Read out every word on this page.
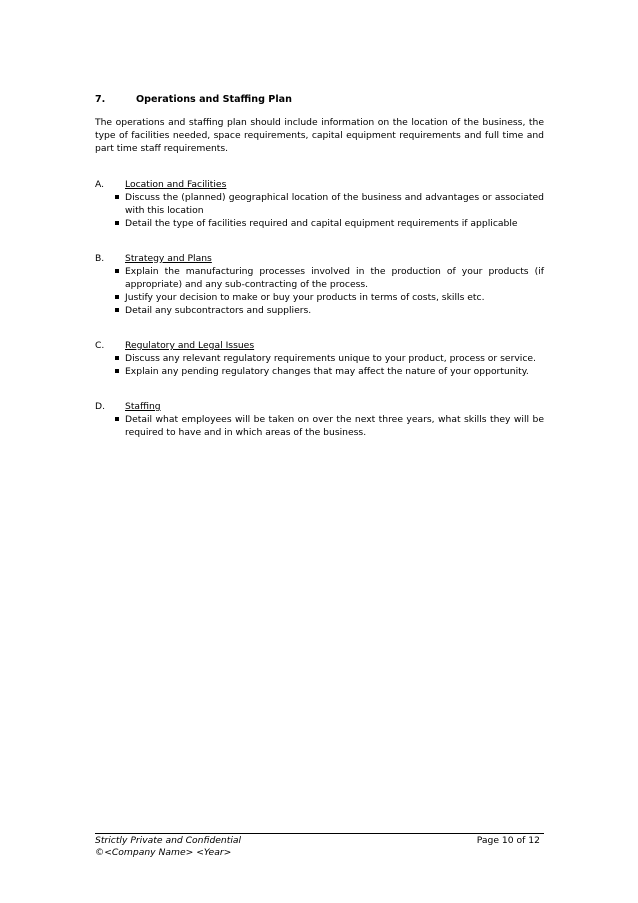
7.	Operations and Staffing Plan

The operations and staffing plan should include information on the location of the business, the type of facilities needed, space requirements, capital equipment requirements and full time and part time staff requirements.

A.	Location and Facilities
Discuss the (planned) geographical location of the business and advantages or associated with this location
Detail the type of facilities required and capital equipment requirements if applicable
B.	Strategy and Plans
Explain the manufacturing processes involved in the production of your products (if appropriate) and any sub-contracting of the process.
Justify your decision to make or buy your products in terms of costs, skills etc.
Detail any subcontractors and suppliers.
C.	Regulatory and Legal Issues
Discuss any relevant regulatory requirements unique to your product, process or service.
Explain any pending regulatory changes that may affect the nature of your opportunity.
D.	Staffing
Detail what employees will be taken on over the next three years, what skills they will be required to have and in which areas of the business.
Strictly Private and Confidential
©<Company Name> <Year>
Page 10 of 12
